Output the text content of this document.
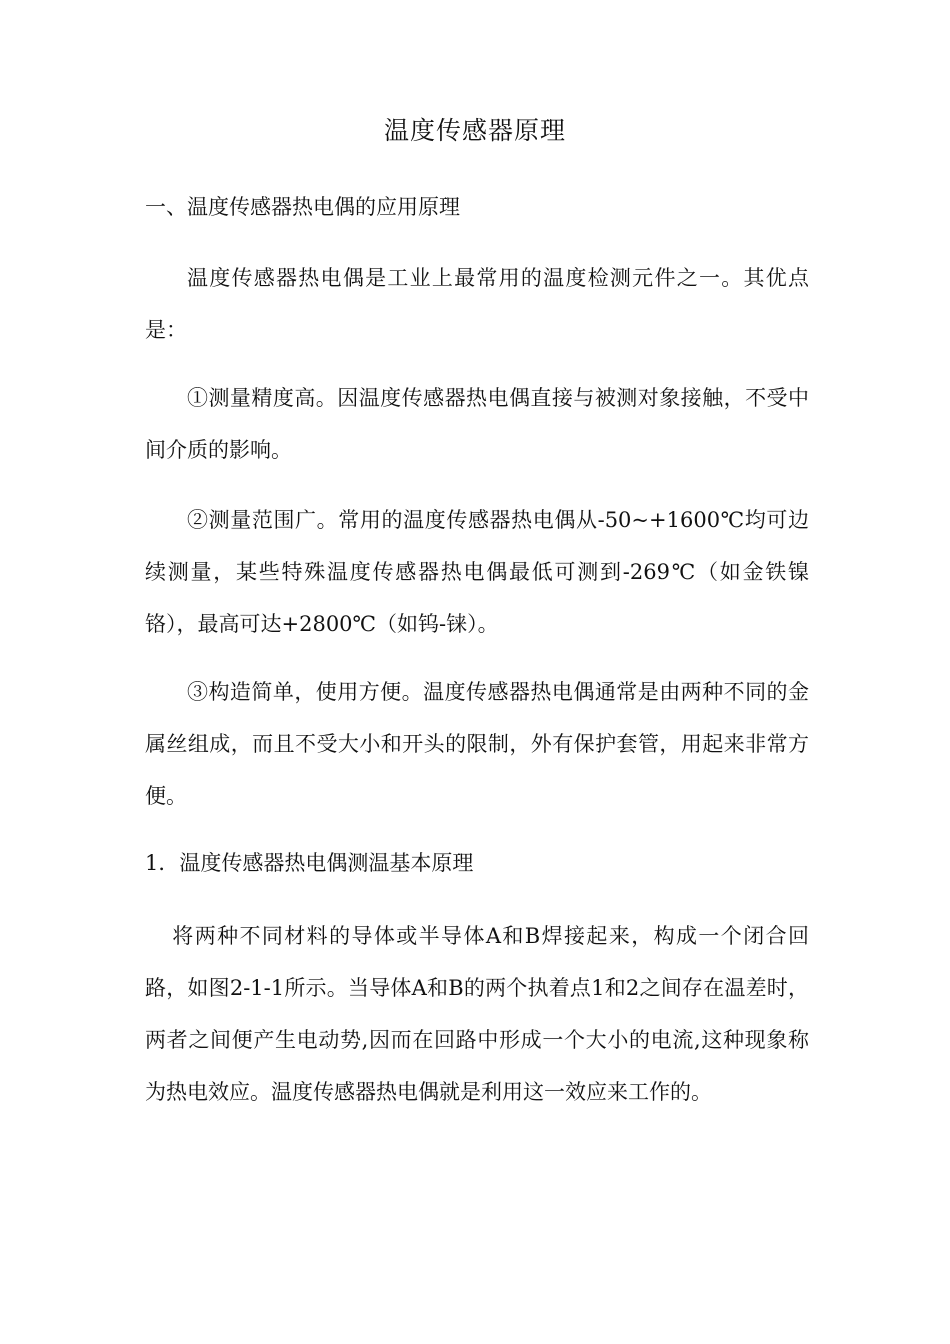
温度传感器原理
一、温度传感器热电偶的应用原理
温度传感器热电偶是工业上最常用的温度检测元件之一。其优点是：
①测量精度高。因温度传感器热电偶直接与被测对象接触，不受中间介质的影响。
②测量范围广。常用的温度传感器热电偶从-50~+1600℃均可边续测量，某些特殊温度传感器热电偶最低可测到-269℃（如金铁镍铬），最高可达+2800℃（如钨-铼）。
③构造简单，使用方便。温度传感器热电偶通常是由两种不同的金属丝组成，而且不受大小和开头的限制，外有保护套管，用起来非常方便。
1．温度传感器热电偶测温基本原理
将两种不同材料的导体或半导体A和B焊接起来，构成一个闭合回路，如图2-1-1所示。当导体A和B的两个执着点1和2之间存在温差时，两者之间便产生电动势,因而在回路中形成一个大小的电流,这种现象称为热电效应。温度传感器热电偶就是利用这一效应来工作的。
